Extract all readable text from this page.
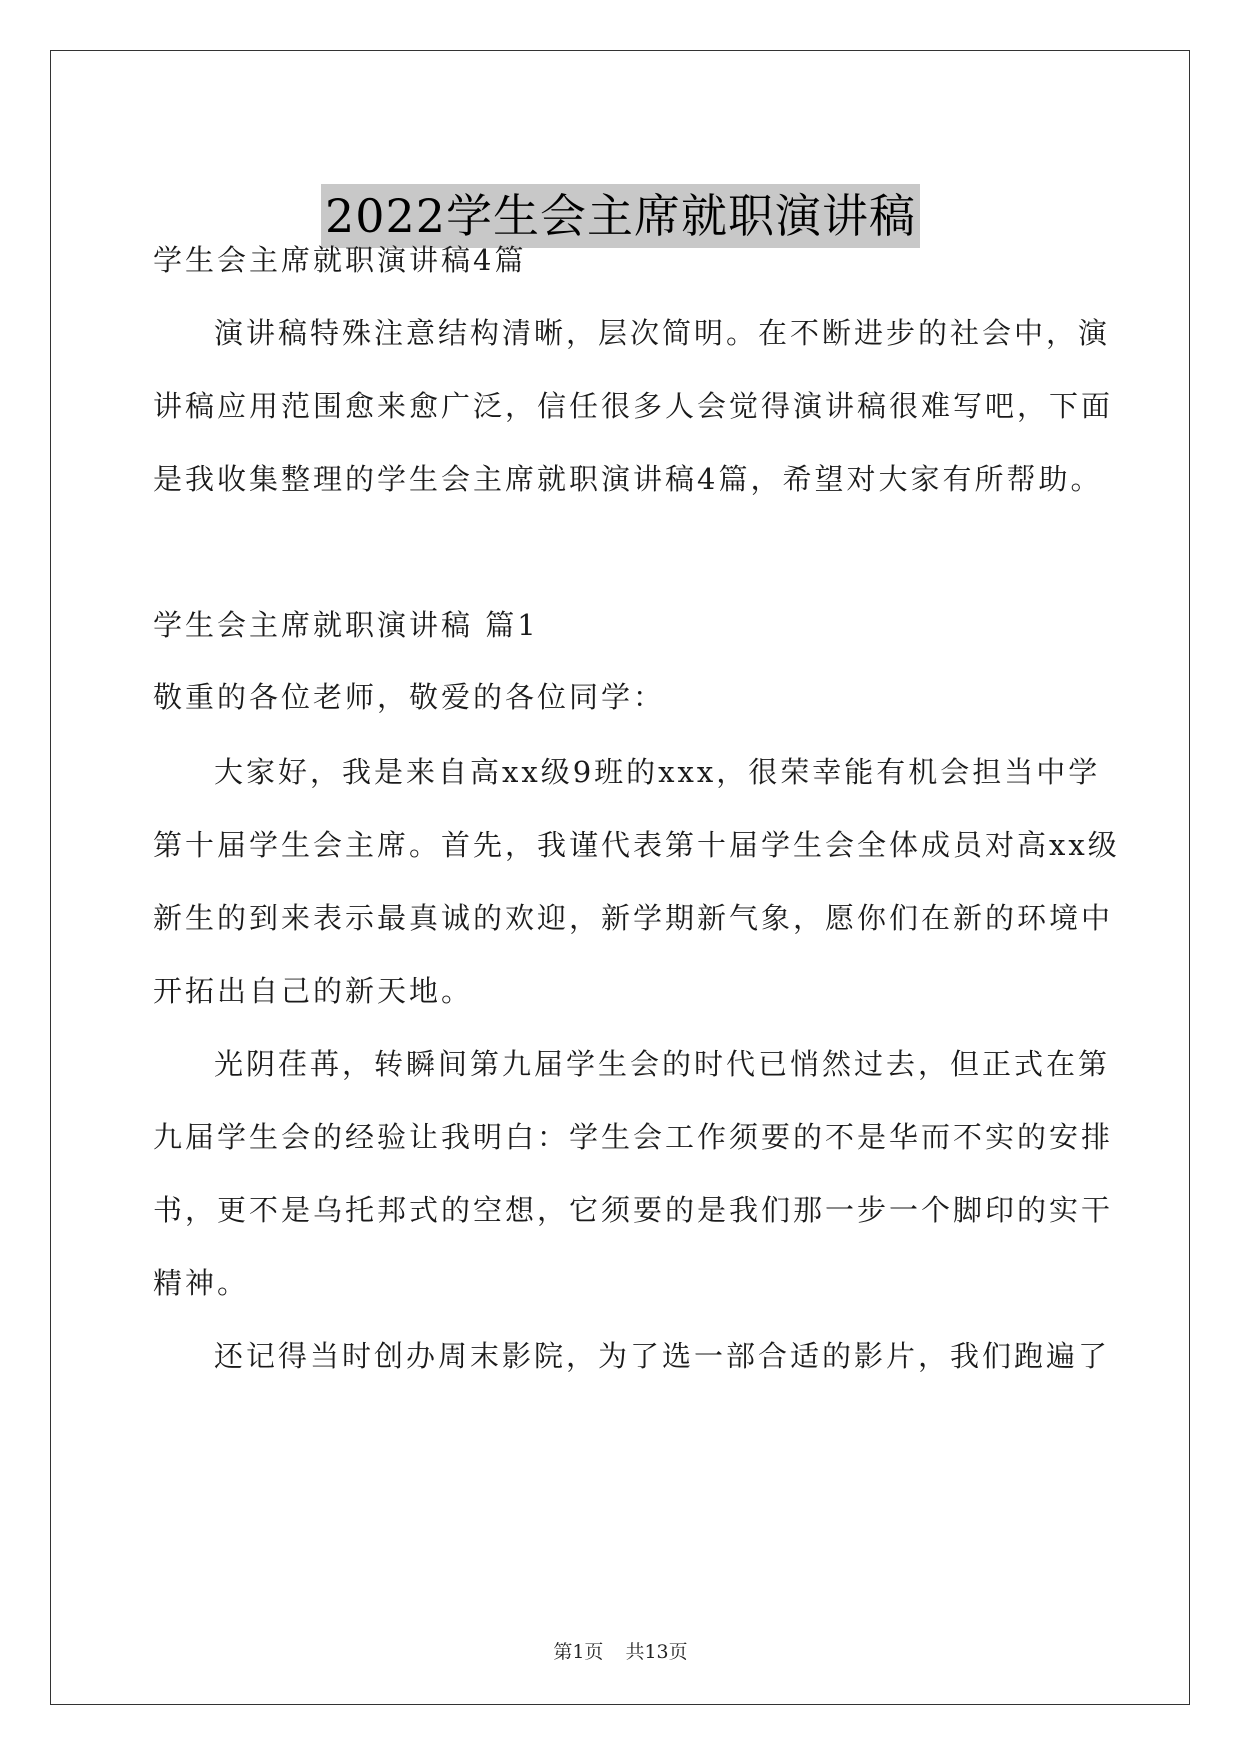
2022学生会主席就职演讲稿
学生会主席就职演讲稿4篇
演讲稿特殊注意结构清晰，层次简明。在不断进步的社会中，演
讲稿应用范围愈来愈广泛，信任很多人会觉得演讲稿很难写吧，下面
是我收集整理的学生会主席就职演讲稿4篇，希望对大家有所帮助。
学生会主席就职演讲稿 篇1
敬重的各位老师，敬爱的各位同学：
大家好，我是来自高xx级9班的xxx，很荣幸能有机会担当中学
第十届学生会主席。首先，我谨代表第十届学生会全体成员对高xx级
新生的到来表示最真诚的欢迎，新学期新气象，愿你们在新的环境中
开拓出自己的新天地。
光阴荏苒，转瞬间第九届学生会的时代已悄然过去，但正式在第
九届学生会的经验让我明白：学生会工作须要的不是华而不实的安排
书，更不是乌托邦式的空想，它须要的是我们那一步一个脚印的实干
精神。
还记得当时创办周末影院，为了选一部合适的影片，我们跑遍了
第1页 共13页
